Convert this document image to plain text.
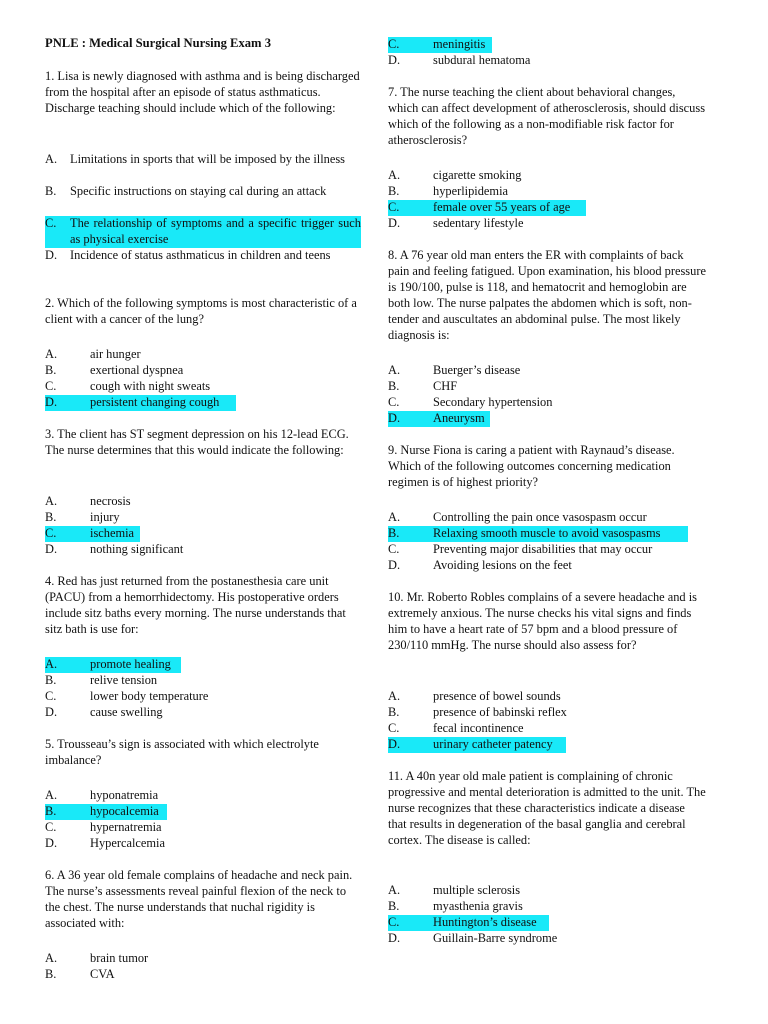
PNLE : Medical Surgical Nursing Exam 3
1. Lisa is newly diagnosed with asthma and is being discharged from the hospital after an episode of status asthmaticus. Discharge teaching should include which of the following:
A.	Limitations in sports that will be imposed by the illness
B.	Specific instructions on staying cal during an attack
C.	The relationship of symptoms and a specific trigger such as physical exercise
D.	Incidence of status asthmaticus in children and teens
2. Which of the following symptoms is most characteristic of a client with a cancer of the lung?
A.	air hunger
B.	exertional dyspnea
C.	cough with night sweats
D.	persistent changing cough
3. The client has ST segment depression on his 12-lead ECG. The nurse determines that this would indicate the following:
A.	necrosis
B.	injury
C.	ischemia
D.	nothing significant
4. Red has just returned from the postanesthesia care unit (PACU) from a hemorrhidectomy. His postoperative orders include sitz baths every morning. The nurse understands that sitz bath is use for:
A.	promote healing
B.	relive tension
C.	lower body temperature
D.	cause swelling
5. Trousseau’s sign is associated with which electrolyte imbalance?
A.	hyponatremia
B.	hypocalcemia
C.	hypernatremia
D.	Hypercalcemia
6. A 36 year old female complains of headache and neck pain. The nurse’s assessments reveal painful flexion of the neck to the chest. The nurse understands that nuchal rigidity is associated with:
A.	brain tumor
B.	CVA
C.	meningitis
D.	subdural hematoma
7. The nurse teaching the client about behavioral changes, which can affect development of atherosclerosis, should discuss which of the following as a non-modifiable risk factor for atherosclerosis?
A.	cigarette smoking
B.	hyperlipidemia
C.	female over 55 years of age
D.	sedentary lifestyle
8. A 76 year old man enters the ER with complaints of back pain and feeling fatigued. Upon examination, his blood pressure is 190/100, pulse is 118, and hematocrit and hemoglobin are both low. The nurse palpates the abdomen which is soft, non-tender and auscultates an abdominal pulse. The most likely diagnosis is:
A.	Buerger’s disease
B.	CHF
C.	Secondary hypertension
D.	Aneurysm
9. Nurse Fiona is caring a patient with Raynaud’s disease. Which of the following outcomes concerning medication regimen is of highest priority?
A.	Controlling the pain once vasospasm occur
B.	Relaxing smooth muscle to avoid vasospasms
C.	Preventing major disabilities that may occur
D.	Avoiding lesions on the feet
10. Mr. Roberto Robles complains of a severe headache and is extremely anxious. The nurse checks his vital signs and finds him to have a heart rate of 57 bpm and a blood pressure of 230/110 mmHg. The nurse should also assess for?
A.	presence of bowel sounds
B.	presence of babinski reflex
C.	fecal incontinence
D.	urinary catheter patency
11. A 40n year old male patient is complaining of chronic progressive and mental deterioration is admitted to the unit. The nurse recognizes that these characteristics indicate a disease that results in degeneration of the basal ganglia and cerebral cortex. The disease is called:
A.	multiple sclerosis
B.	myasthenia gravis
C.	Huntington’s disease
D.	Guillain-Barre syndrome
